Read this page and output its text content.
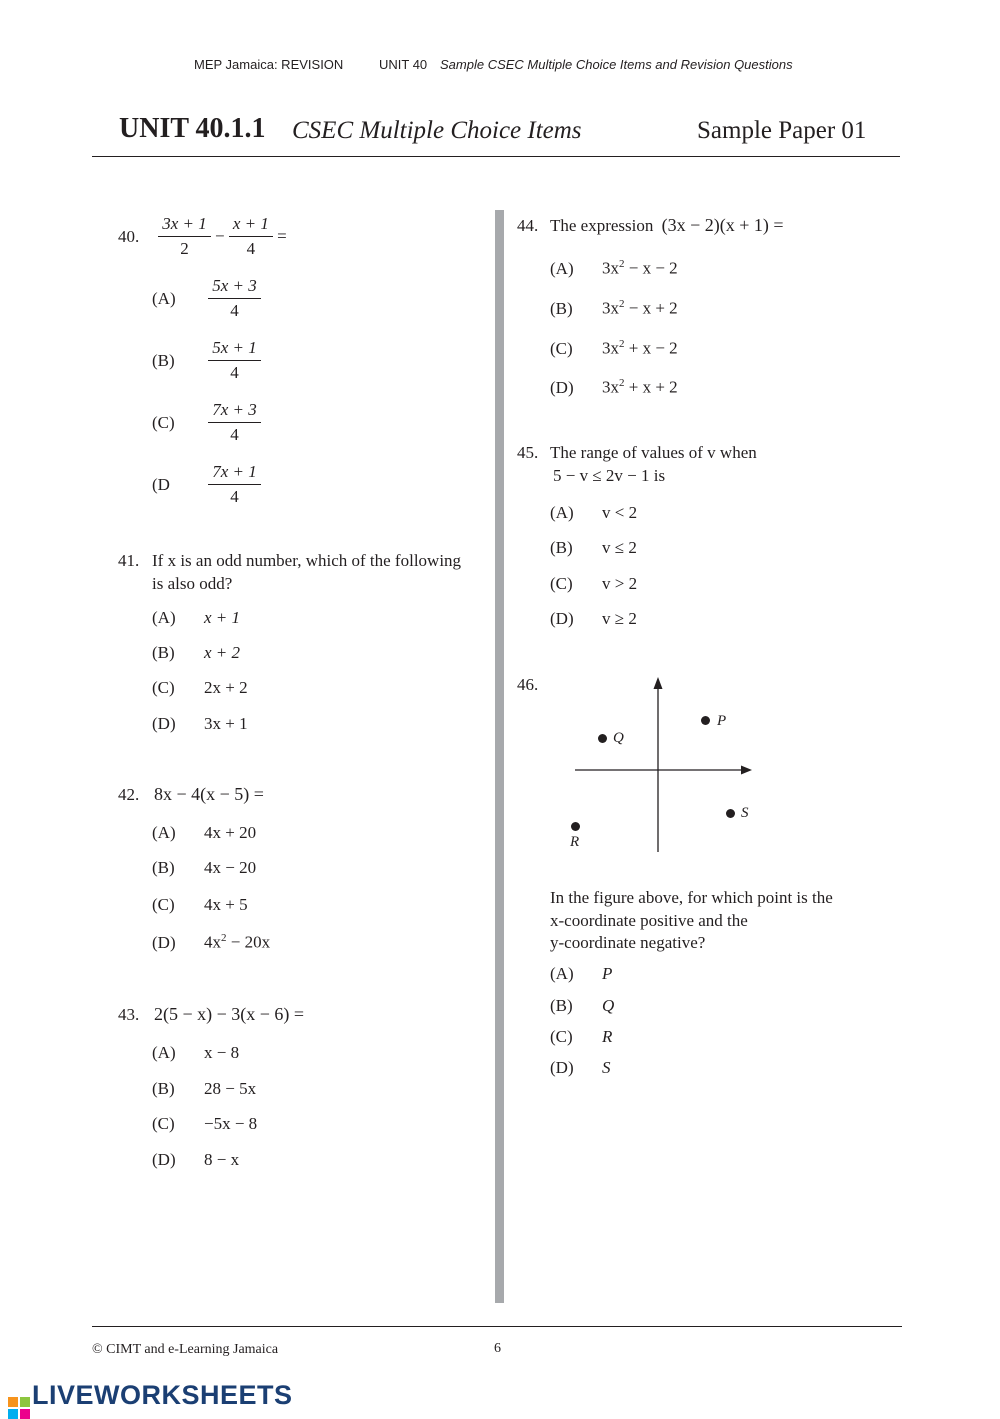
MEP Jamaica: REVISION	UNIT 40 Sample CSEC Multiple Choice Items and Revision Questions
UNIT 40.1.1 CSEC Multiple Choice Items	Sample Paper 01
40. $\frac{3x + 1}{2} - \frac{x + 1}{4}$ =
$(A) \frac{5x + 3}{4}$
$(B) \frac{5x + 1}{4}$
$(C) \frac{7x + 3}{4}$
($D \frac{7x + 1}{4}$
41. If x is an odd number, which of the following
is also odd?
(A) x + 1
(B) x + 2
(C) 2x + 2
(D) 3x + 1
42. 8x − 4(x − 5) =
(A) 4x + 20
(B) 4x − 20
(C) 4x + 5
(D) $4x^2 - 20x$
43. 2(5 − x) − 3(x − 6) =
(A) x − 8
(B) 28 − 5x
(C) −5x − 8
(D) 8 − x
44. The expression (3x − 2)(x + 1) =
(A) $3x^2 - x - 2$
(B) $3x^2 - x + 2$
(C) $3x^2 + x - 2$
(D) $3x^2 + x + 2$
45. The range of values of v when
5 − v ≤ 2v − 1 is
(A) v < 2
(B) v ≤ 2
(C) v > 2
(D) v ≥ 2
46.
P
Q
R
S
In the figure above, for which point is the
x-coordinate positive and the
y-coordinate negative?
(A) P
(B) Q
(C) R
(D) S
© CIMT and e-Learning Jamaica	6
LIVEWORKSHEETS
